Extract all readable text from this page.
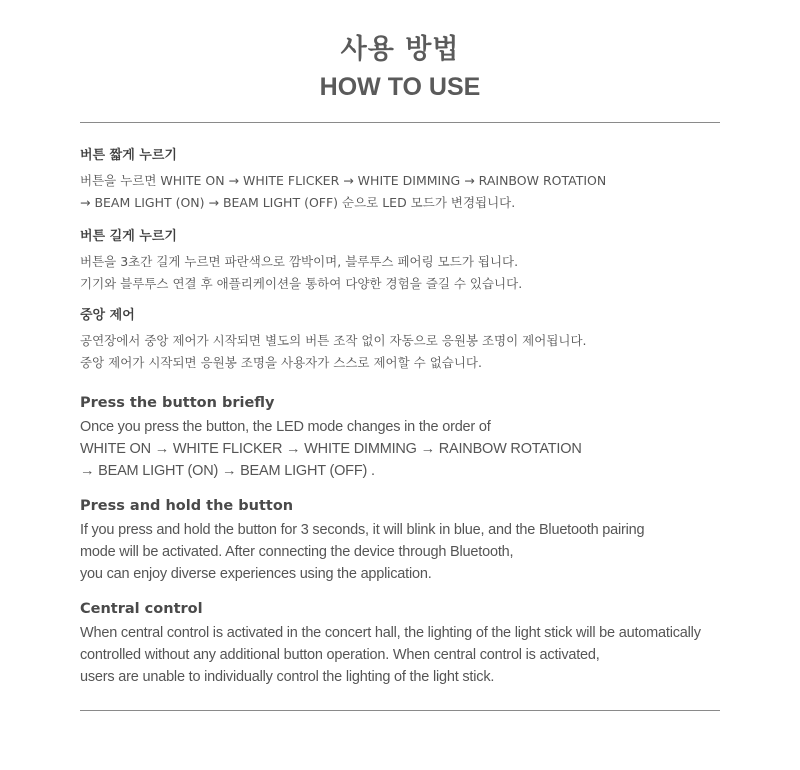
사용 방법
HOW TO USE
버튼 짧게 누르기
버튼을 누르면 WHITE ON → WHITE FLICKER → WHITE DIMMING → RAINBOW ROTATION
→ BEAM LIGHT (ON) → BEAM LIGHT (OFF) 순으로 LED 모드가 변경됩니다.
버튼 길게 누르기
버튼을 3초간 길게 누르면 파란색으로 깜박이며, 블루투스 페어링 모드가 됩니다.
기기와 블루투스 연결 후 애플리케이션을 통하여 다양한 경험을 즐길 수 있습니다.
중앙 제어
공연장에서 중앙 제어가 시작되면 별도의 버튼 조작 없이 자동으로 응원봉 조명이 제어됩니다.
중앙 제어가 시작되면 응원봉 조명을 사용자가 스스로 제어할 수 없습니다.
Press the button briefly
Once you press the button, the LED mode changes in the order of
WHITE ON → WHITE FLICKER → WHITE DIMMING → RAINBOW ROTATION
→ BEAM LIGHT (ON) → BEAM LIGHT (OFF) .
Press and hold the button
If you press and hold the button for 3 seconds, it will blink in blue, and the Bluetooth pairing
mode will be activated. After connecting the device through Bluetooth,
you can enjoy diverse experiences using the application.
Central control
When central control is activated in the concert hall, the lighting of the light stick will be automatically
controlled without any additional button operation. When central control is activated,
users are unable to individually control the lighting of the light stick.
